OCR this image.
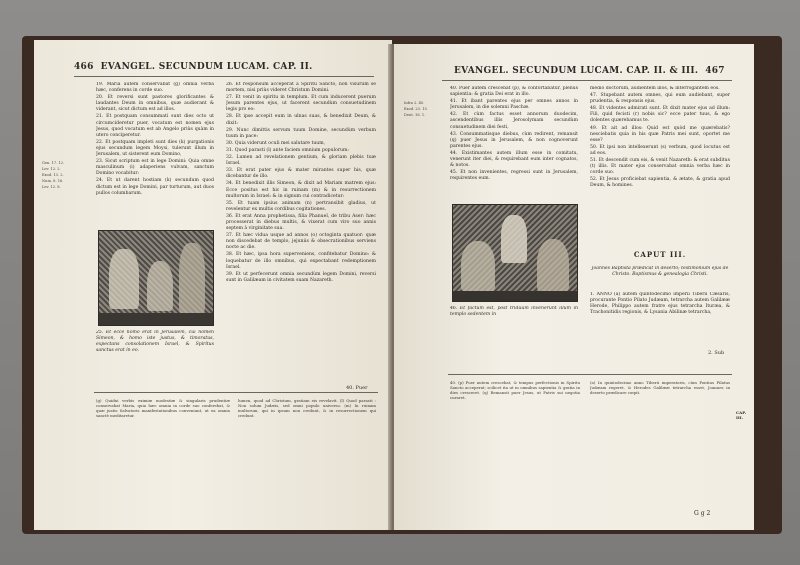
466 EVANGEL. SECUNDUM LUCAM. CAP. II.
Gen. 17. 12.
Lev. 12. 2.
Exod. 13. 2.
Num. 8. 16.
Lev. 12. 8.

19. Maria autem conservabat (g) omnia verba hæc, conferens in corde suo.

20. Et reversi sunt pastores glorificantes & laudantes Deum in omnibus, quæ audierant & viderant, sicut dictum est ad illos.

21. Et postquam consummati sunt dies octo ut circumcideretur puer, vocatum est nomen ejus Jesus, quod vocatum est ab Angelo priùs quàm in utero conciperetur.

22. Et postquam impleti sunt dies (k) purgationis ejus secundum legem Moysi, tulerunt illum in Jerusalem, ut sisterent eum Domino,

23. Sicut scriptum est in lege Domini: Quia omne masculinum (i) adaperiens vulvam, sanctum Domino vocabitur:

24. Et ut darent hostiam (k) secundum quod dictum est in lege Domini, par turturum, aut duos pullos columbarum.

25. Et ecce homo erat in Jerusalem, cui nomen Simeon, & homo iste justus, & timoratus, expectans consolationem Israel, & Spiritus sanctus erat in eo.

26. Et responsum acceperat à Spiritu Sancto, non visurum se mortem, nisi priùs videret Christum Domini.

27. Et venit in spiritu in templum. Et cum inducerent puerum Jesum parentes ejus, ut facerent secundùm consuetudinem legis pro eo:

28. Et ipse accepit eum in ulnas suas, & benedixit Deum, & dixit:

29. Nunc dimittis servum tuum Domine, secundùm verbum tuum in pace:

30. Quia viderunt oculi mei salutare tuum,

31. Quod parasti (l) ante faciem omnium populorum:

32. Lumen ad revelationem gentium, & gloriam plebis tuæ Israel.

33. Et erat pater ejus & mater mirantes super his, quæ dicebantur de illo.

34. Et benedixit illis Simeon, & dixit ad Mariam matrem ejus: Ecce positus est hic in ruinam (m) & in resurrectionem multorum in Israel: & in signum cui contradicetur:

35. Et tuam ipsius animam (n) pertransibit gladius, ut revelentur ex multis cordibus cogitationes.

36. Et erat Anna prophetissa, filia Phanuel, de tribu Aser: hæc processerat in diebus multis, & vixerat cum viro suo annis septem à virginitate sua.

37. Et hæc vidua usque ad annos (o) octoginta quatuor: quæ non discedebat de templo, jejuniis & obsecrationibus serviens nocte ac die.

38. Et hæc, ipsa hora superveniens, confitebatur Domino: & loquebatur de illo omnibus, qui expectabant redemptionem Israel.

39. Et ut perfecerunt omnia secundùm legem Domini, reversi sunt in Galilæam in civitatem suam Nazareth.

40. Puer
(g) Quidni verbis eximiæ modestiæ & singularis prudentiæ conservabat Maria, quia hæc omnia in corde suo conferebat, & quæ justis Salvatoris manifestationibus conveniunt, ut ea omnia sanctè meditaretur.
lumen, quod ad Christum, gratiam eis revelavit. (l) Quod parasti : Non solum Judæis, sed omni populo universo. (m) In ruinam multorum, qui in ipsum non credunt, & in resurrectionem qui credunt.
EVANGEL. SECUNDUM LUCAM. CAP. II. & III. 467
Infra 2. 40.
Exod. 23. 15.
Deut. 16. 1.

40. Puer autem crescebat (p), & confortabatur, plenus sapientia: & gratia Dei erat in illo.

41. Et ibant parentes ejus per omnes annos in Jerusalem, in die solemni Paschæ.

42. Et cùm factus esset annorum duodecim, ascendentibus illis Jerosolymam secundùm consuetudinem diei festi,

43. Consummatisque diebus, cùm redirent, remansit (q) puer Jesus in Jerusalem, & non cognoverunt parentes ejus.

44. Existimantes autem illum esse in comitatu, venerunt iter diei, & requirebant eum inter cognatos, & notos.

45. Et non invenientes, regressi sunt in Jerusalem, requirentes eum.

46. Et factum est, post triduum invenerunt illum in templo sedentem in

medio doctorum, audientem illos, & interrogantem eos.

47. Stupebant autem omnes, qui eum audiebant, super prudentia, & responsis ejus.

48. Et videntes admirati sunt. Et dixit mater ejus ad illum: Fili, quid fecisti (r) nobis sic? ecce pater tuus, & ego dolentes quærebamus te.

49. Et ait ad illos: Quid est quòd me quærebatis? nesciebatis quia in his quæ Patris mei sunt, oportet me esse?

50. Et ipsi non intellexerunt (s) verbum, quod locutus est ad eos.

51. Et descendit cum eis, & venit Nazareth: & erat subditus (t) illis. Et mater ejus conservabat omnia verba hæc in corde suo.

52. Et Jesus proficiebat sapientia, & ætate, & gratia apud Deum, & homines.

CAPUT III.

Joannes Baptista prædicat in deserto; testimonium ejus de Christo. Baptismus & genealogia Christi.

1. ANNO (a) autem quintodecimo imperii Tiberii Cæsaris, procurante Pontio Pilato Judæam, tetrarcha autem Galilææ Herode, Philippo autem fratre ejus tetrarcha Ituræa, & Trachonitidis regionis, & Lysania Abilinæ tetrarcha,

2. Sub
CAP. III.
40. (p) Puer autem crescebat, & tempus perfectionis in Spiritu Sancto acceperat; scilicet ita ut in omnibus sapientia & gratia in dies cresceret. (q) Remansit puer Jesus, ut Patris sui negotia curaret.
(a) In quintodecimo anno Tiberii imperatoris, cùm Pontius Pilatus Judæam regeret, & Herodes Galilææ tetrarcha esset, Joannes in deserto prædicare cœpit.
G g 2
